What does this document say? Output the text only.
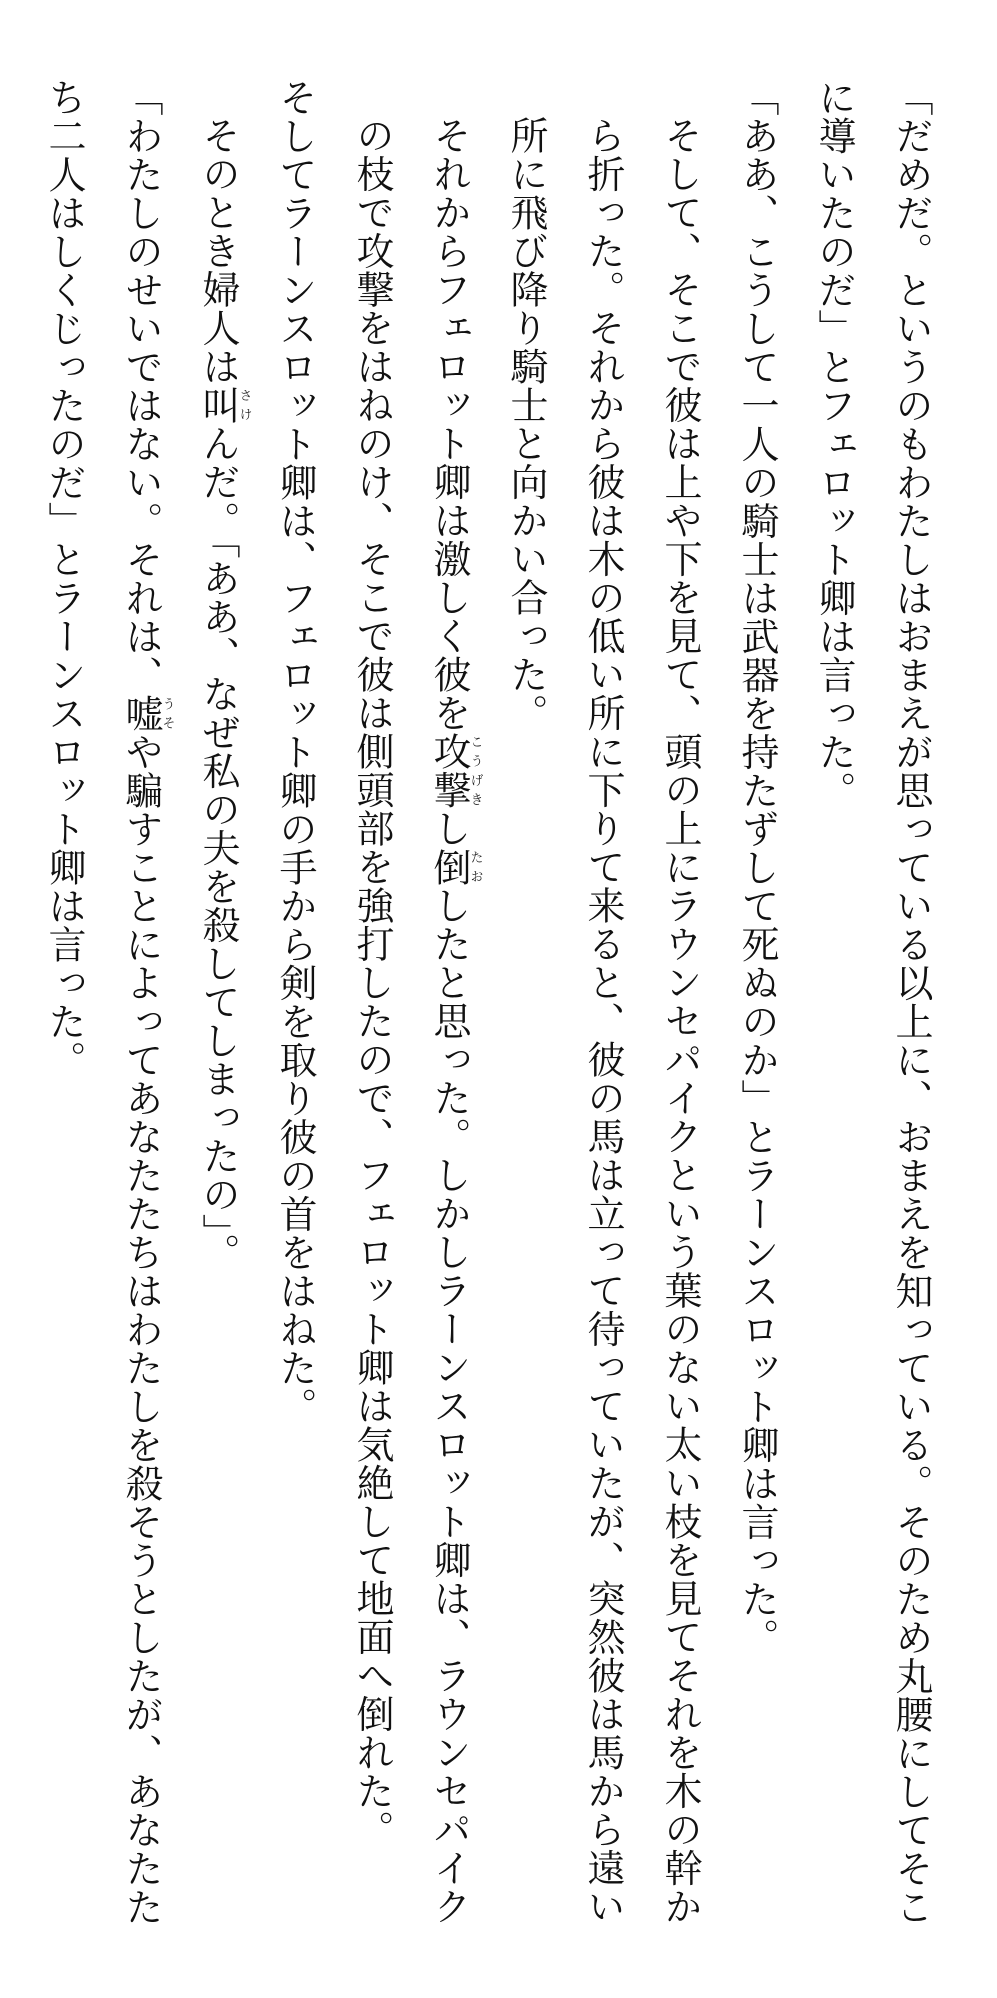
「だめだ。というのもわたしはおまえが思っている以上に、おまえを知っている。そのため丸腰にしてそこに導いたのだ」とフェロット卿は言った。

「ああ、こうして一人の騎士は武器を持たずして死ぬのか」とラーンスロット卿は言った。

そして、そこで彼は上や下を見て、頭の上にラウンセパイクという葉のない太い枝を見てそれを木の幹から折った。それから彼は木の低い所に下りて来ると、彼の馬は立って待っていたが、突然彼は馬から遠い所に飛び降り騎士と向かい合った。

それからフェロット卿は激しく彼を攻撃こうげきし倒たおしたと思った。しかしラーンスロット卿は、ラウンセパイクの枝で攻撃をはねのけ、そこで彼は側頭部を強打したので、フェロット卿は気絶して地面へ倒れた。

そしてラーンスロット卿は、フェロット卿の手から剣を取り彼の首をはねた。

そのとき婦人は叫さけんだ。「ああ、なぜ私の夫を殺してしまったの」。

「わたしのせいではない。それは、嘘うそや騙すことによってあなたたちはわたしを殺そうとしたが、あなたたち二人はしくじったのだ」とラーンスロット卿は言った。
